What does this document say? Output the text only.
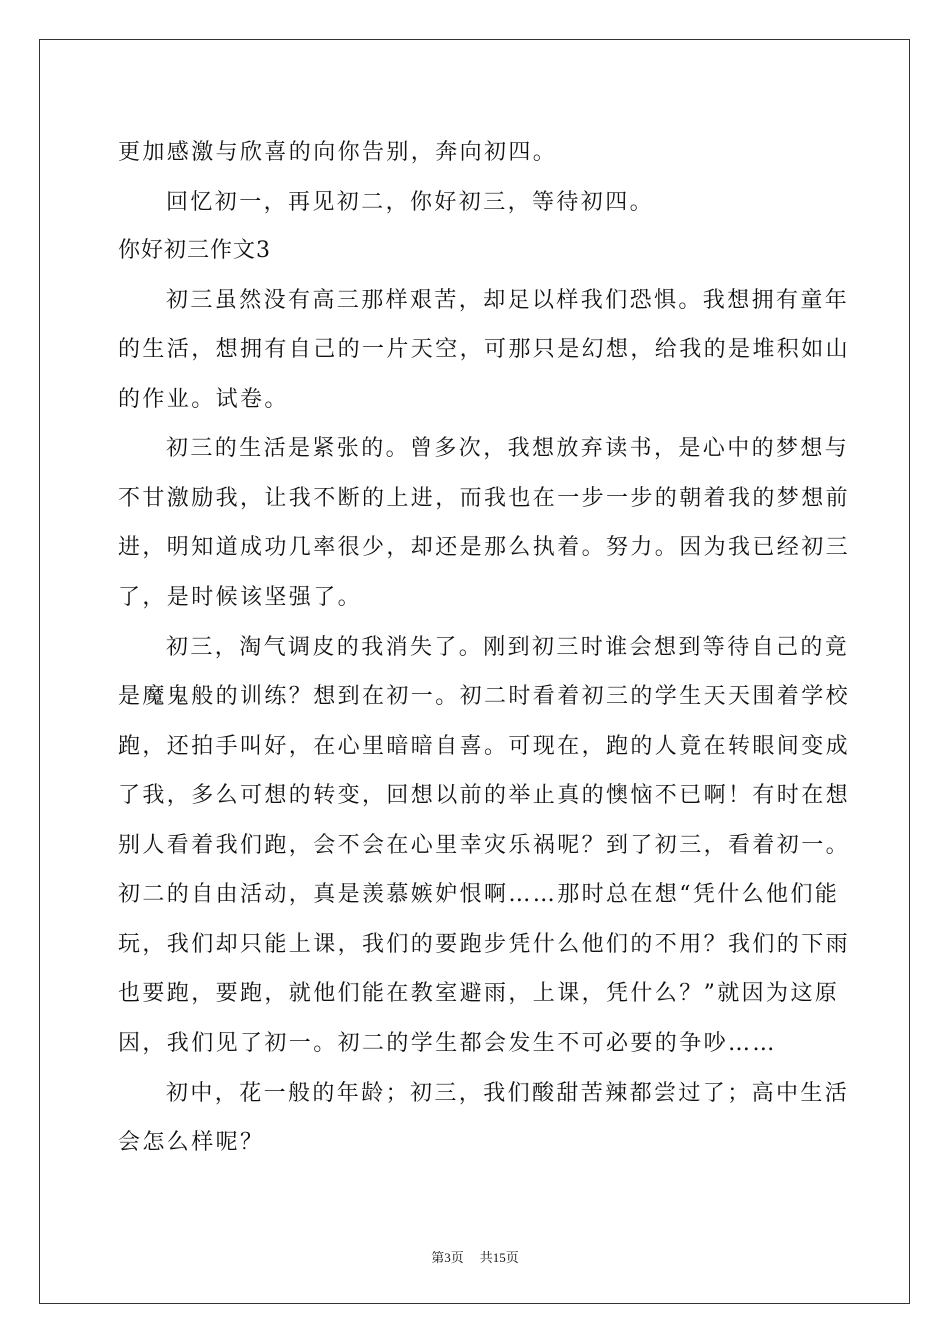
更加感激与欣喜的向你告别，奔向初四。
回忆初一，再见初二，你好初三，等待初四。
你好初三作文3
初三虽然没有高三那样艰苦，却足以样我们恐惧。我想拥有童年
的生活，想拥有自己的一片天空，可那只是幻想，给我的是堆积如山
的作业。试卷。
初三的生活是紧张的。曾多次，我想放弃读书，是心中的梦想与
不甘激励我，让我不断的上进，而我也在一步一步的朝着我的梦想前
进，明知道成功几率很少，却还是那么执着。努力。因为我已经初三
了，是时候该坚强了。
初三，淘气调皮的我消失了。刚到初三时谁会想到等待自己的竟
是魔鬼般的训练？想到在初一。初二时看着初三的学生天天围着学校
跑，还拍手叫好，在心里暗暗自喜。可现在，跑的人竟在转眼间变成
了我，多么可想的转变，回想以前的举止真的懊恼不已啊！有时在想
别人看着我们跑，会不会在心里幸灾乐祸呢？到了初三，看着初一。
初二的自由活动，真是羡慕嫉妒恨啊……那时总在想“凭什么他们能
玩，我们却只能上课，我们的要跑步凭什么他们的不用？我们的下雨
也要跑，要跑，就他们能在教室避雨，上课，凭什么？”就因为这原
因，我们见了初一。初二的学生都会发生不可必要的争吵……
初中，花一般的年龄；初三，我们酸甜苦辣都尝过了；高中生活
会怎么样呢？
第3页 共15页
